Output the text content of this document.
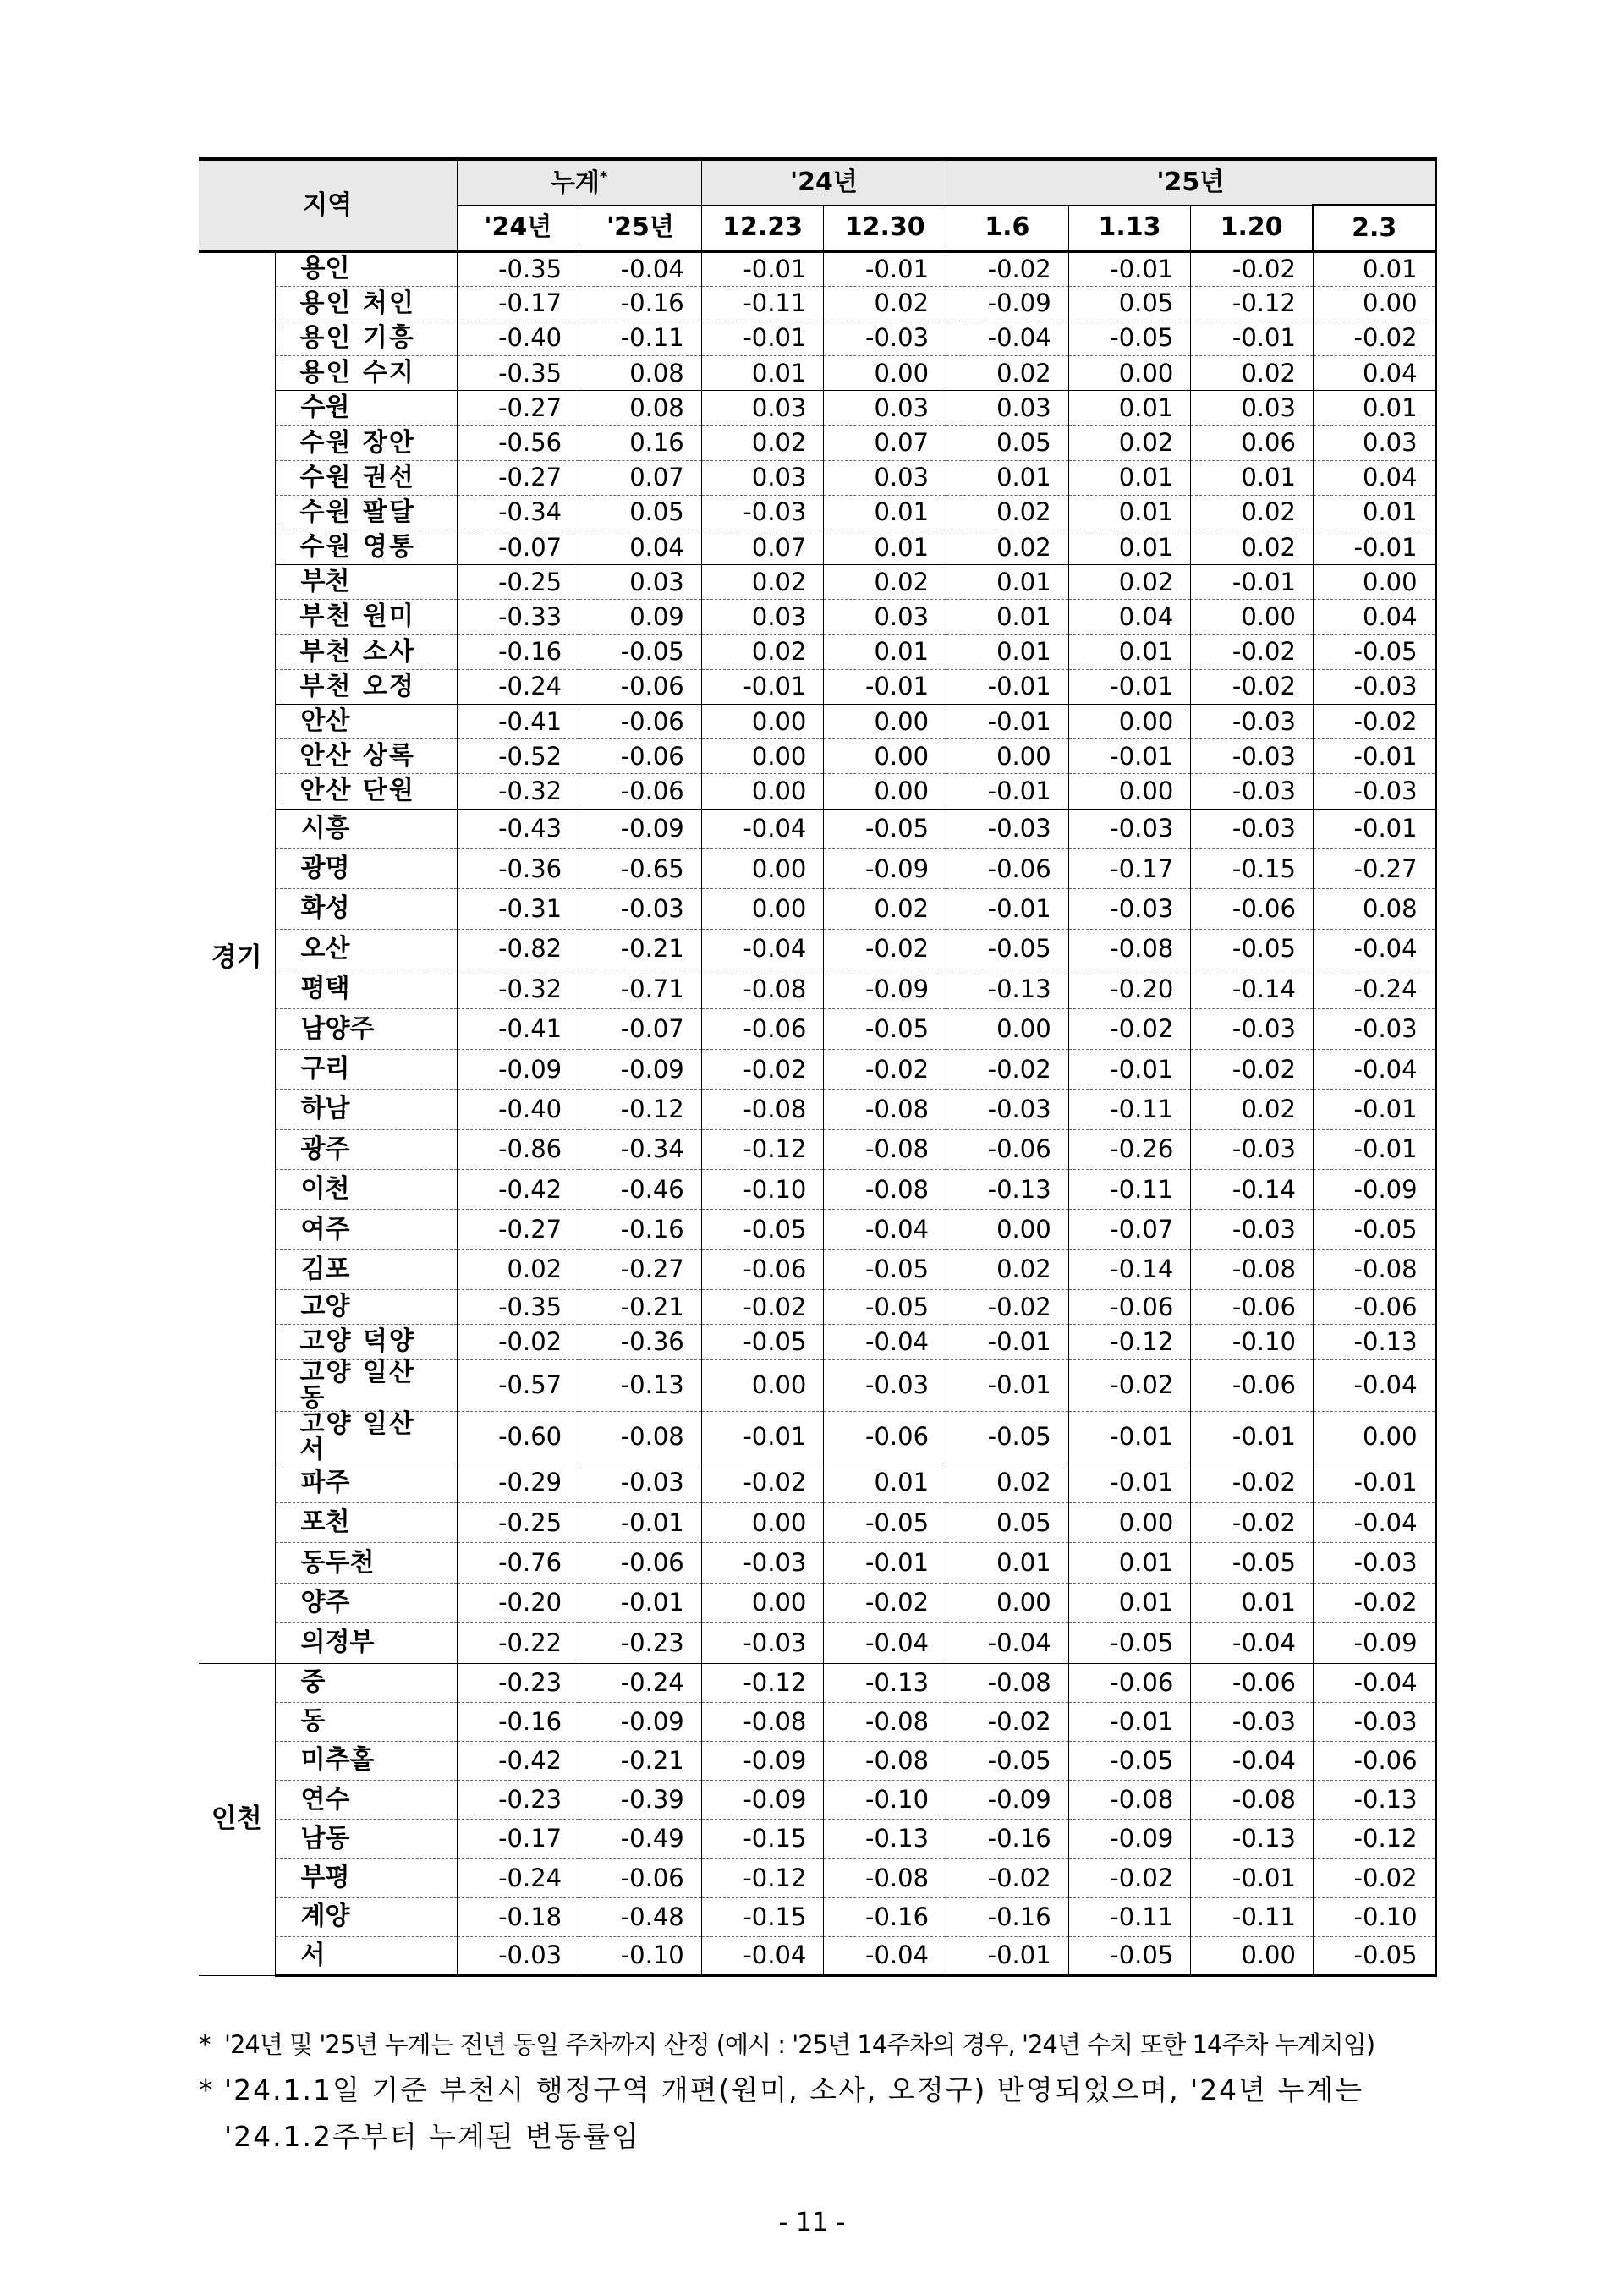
지역		누계*		'24년		'25년			
		'24년	'25년	12.23	12.30	1.6	1.13	1.20	2.3
경기	용인	-0.35	-0.04	-0.01	-0.01	-0.02	-0.01	-0.02	0.01

	용인 처인	-0.17	-0.16	-0.11	0.02	-0.09	0.05	-0.12	0.00

	용인 기흥	-0.40	-0.11	-0.01	-0.03	-0.04	-0.05	-0.01	-0.02

	용인 수지	-0.35	0.08	0.01	0.00	0.02	0.00	0.02	0.04
	수원	-0.27	0.08	0.03	0.03	0.03	0.01	0.03	0.01

	수원 장안	-0.56	0.16	0.02	0.07	0.05	0.02	0.06	0.03

	수원 권선	-0.27	0.07	0.03	0.03	0.01	0.01	0.01	0.04

	수원 팔달	-0.34	0.05	-0.03	0.01	0.02	0.01	0.02	0.01

	수원 영통	-0.07	0.04	0.07	0.01	0.02	0.01	0.02	-0.01
	부천	-0.25	0.03	0.02	0.02	0.01	0.02	-0.01	0.00

	부천 원미	-0.33	0.09	0.03	0.03	0.01	0.04	0.00	0.04

	부천 소사	-0.16	-0.05	0.02	0.01	0.01	0.01	-0.02	-0.05

	부천 오정	-0.24	-0.06	-0.01	-0.01	-0.01	-0.01	-0.02	-0.03
	안산	-0.41	-0.06	0.00	0.00	-0.01	0.00	-0.03	-0.02

	안산 상록	-0.52	-0.06	0.00	0.00	0.00	-0.01	-0.03	-0.01

	안산 단원	-0.32	-0.06	0.00	0.00	-0.01	0.00	-0.03	-0.03
	시흥	-0.43	-0.09	-0.04	-0.05	-0.03	-0.03	-0.03	-0.01
	광명	-0.36	-0.65	0.00	-0.09	-0.06	-0.17	-0.15	-0.27
	화성	-0.31	-0.03	0.00	0.02	-0.01	-0.03	-0.06	0.08
	오산	-0.82	-0.21	-0.04	-0.02	-0.05	-0.08	-0.05	-0.04
	평택	-0.32	-0.71	-0.08	-0.09	-0.13	-0.20	-0.14	-0.24
	남양주	-0.41	-0.07	-0.06	-0.05	0.00	-0.02	-0.03	-0.03
	구리	-0.09	-0.09	-0.02	-0.02	-0.02	-0.01	-0.02	-0.04
	하남	-0.40	-0.12	-0.08	-0.08	-0.03	-0.11	0.02	-0.01
	광주	-0.86	-0.34	-0.12	-0.08	-0.06	-0.26	-0.03	-0.01
	이천	-0.42	-0.46	-0.10	-0.08	-0.13	-0.11	-0.14	-0.09
	여주	-0.27	-0.16	-0.05	-0.04	0.00	-0.07	-0.03	-0.05
	김포	0.02	-0.27	-0.06	-0.05	0.02	-0.14	-0.08	-0.08
	고양	-0.35	-0.21	-0.02	-0.05	-0.02	-0.06	-0.06	-0.06

	고양 덕양	-0.02	-0.36	-0.05	-0.04	-0.01	-0.12	-0.10	-0.13

	고양 일산동	-0.57	-0.13	0.00	-0.03	-0.01	-0.02	-0.06	-0.04

	고양 일산서	-0.60	-0.08	-0.01	-0.06	-0.05	-0.01	-0.01	0.00
	파주	-0.29	-0.03	-0.02	0.01	0.02	-0.01	-0.02	-0.01
	포천	-0.25	-0.01	0.00	-0.05	0.05	0.00	-0.02	-0.04
	동두천	-0.76	-0.06	-0.03	-0.01	0.01	0.01	-0.05	-0.03
	양주	-0.20	-0.01	0.00	-0.02	0.00	0.01	0.01	-0.02
	의정부	-0.22	-0.23	-0.03	-0.04	-0.04	-0.05	-0.04	-0.09
인천	중	-0.23	-0.24	-0.12	-0.13	-0.08	-0.06	-0.06	-0.04
	동	-0.16	-0.09	-0.08	-0.08	-0.02	-0.01	-0.03	-0.03
	미추홀	-0.42	-0.21	-0.09	-0.08	-0.05	-0.05	-0.04	-0.06
	연수	-0.23	-0.39	-0.09	-0.10	-0.09	-0.08	-0.08	-0.13
	남동	-0.17	-0.49	-0.15	-0.13	-0.16	-0.09	-0.13	-0.12
	부평	-0.24	-0.06	-0.12	-0.08	-0.02	-0.02	-0.01	-0.02
	계양	-0.18	-0.48	-0.15	-0.16	-0.16	-0.11	-0.11	-0.10
	서	-0.03	-0.10	-0.04	-0.04	-0.01	-0.05	0.00	-0.05
* '24년 및 '25년 누계는 전년 동일 주차까지 산정 (예시 : '25년 14주차의 경우, '24년 수치 또한 14주차 누계치임)
* '24.1.1일 기준 부천시 행정구역 개편(원미, 소사, 오정구) 반영되었으며, '24년 누계는
'24.1.2주부터 누계된 변동률임
- 11 -
